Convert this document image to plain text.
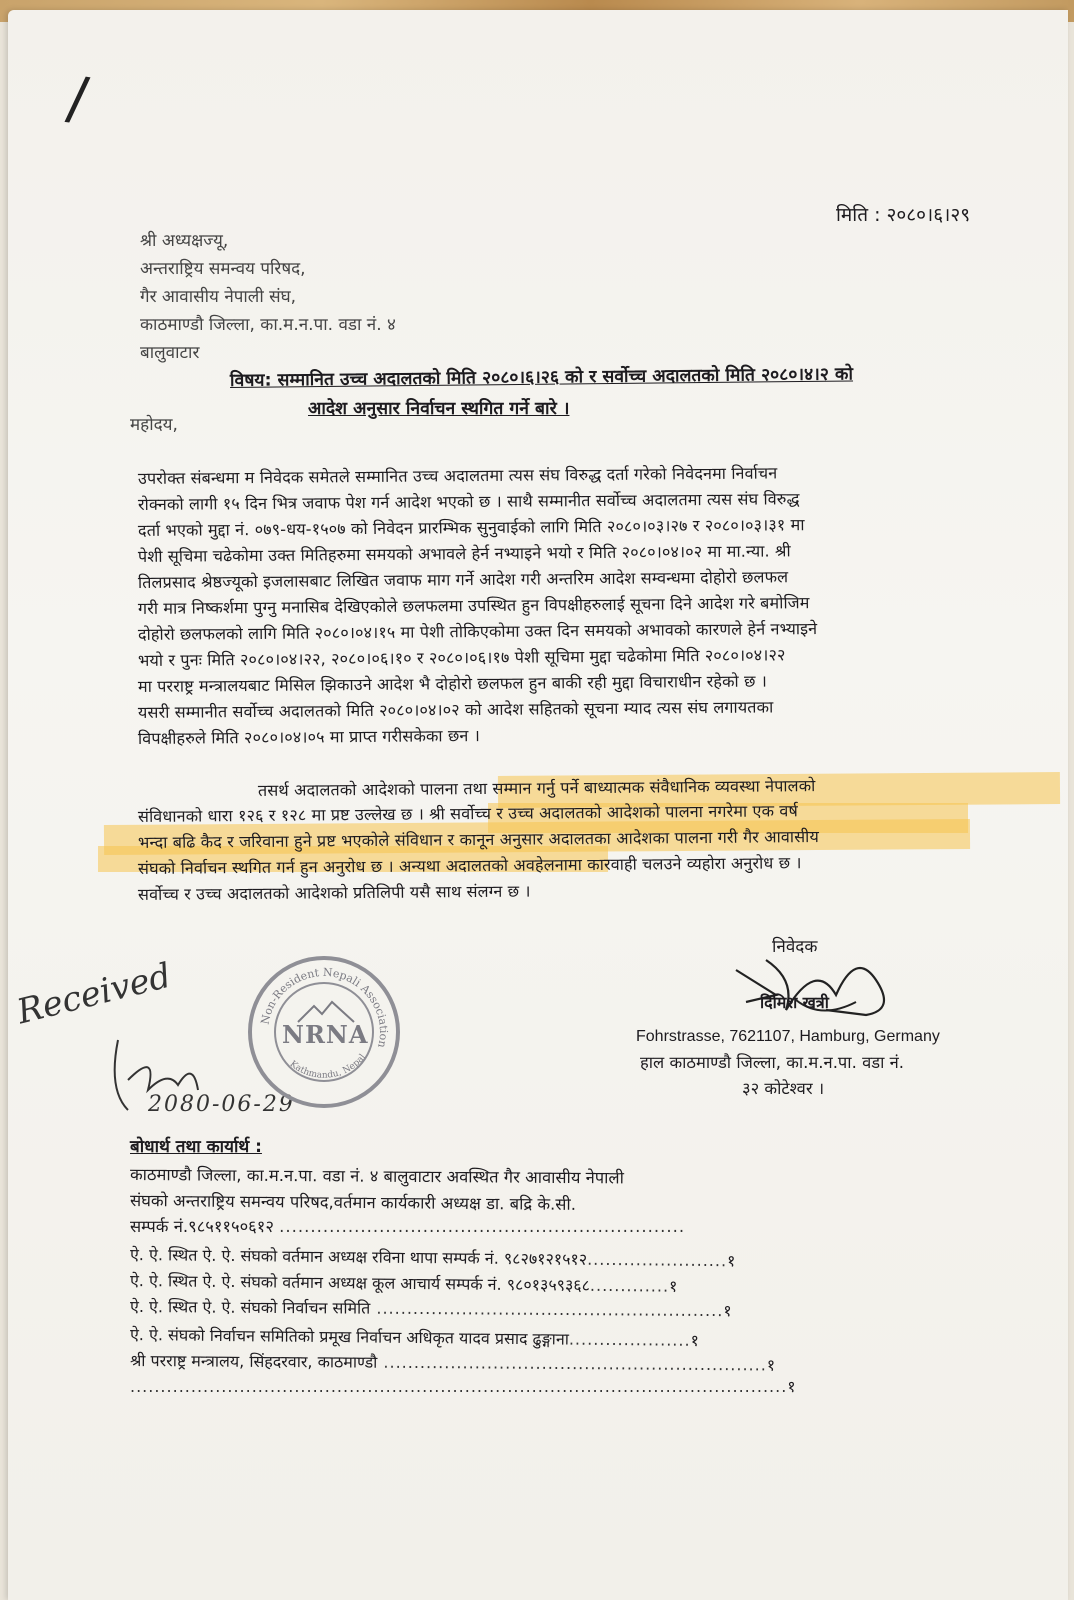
/
मिति : २०८०।६।२९
श्री अध्यक्षज्यू,
अन्तराष्ट्रिय समन्वय परिषद,
गैर आवासीय नेपाली संघ,
काठमाण्डौ जिल्ला, का.म.न.पा. वडा नं. ४
बालुवाटार
विषय: सम्मानित उच्च अदालतको मिति २०८०।६।२६ को र सर्वोच्च अदालतको मिति २०८०।४।२ को
आदेश अनुसार निर्वाचन स्थगित गर्ने बारे ।
महोदय,
उपरोक्त संबन्धमा म निवेदक समेतले सम्मानित उच्च अदालतमा त्यस संघ विरुद्ध दर्ता गरेको निवेदनमा निर्वाचन
रोक्नको लागी १५ दिन भित्र जवाफ पेश गर्न आदेश भएको छ । साथै सम्मानीत सर्वोच्च अदालतमा त्यस संघ विरुद्ध
दर्ता भएको मुद्दा नं. ०७९-धय-१५०७ को निवेदन प्रारम्भिक सुनुवाईको लागि मिति २०८०।०३।२७ र २०८०।०३।३१ मा
पेशी सूचिमा चढेकोमा उक्त मितिहरुमा समयको अभावले हेर्न नभ्याइने भयो र मिति २०८०।०४।०२ मा मा.न्या. श्री
तिलप्रसाद श्रेष्ठज्यूको इजलासबाट लिखित जवाफ माग गर्ने आदेश गरी अन्तरिम आदेश सम्वन्धमा दोहोरो छलफल
गरी मात्र निष्कर्शमा पुग्नु मनासिब देखिएकोले छलफलमा उपस्थित हुन विपक्षीहरुलाई सूचना दिने आदेश गरे बमोजिम
दोहोरो छलफलको लागि मिति २०८०।०४।१५ मा पेशी तोकिएकोमा उक्त दिन समयको अभावको कारणले हेर्न नभ्याइने
भयो र पुनः मिति २०८०।०४।२२, २०८०।०६।१० र २०८०।०६।१७ पेशी सूचिमा मुद्दा चढेकोमा मिति २०८०।०४।२२
मा परराष्ट्र मन्त्रालयबाट मिसिल झिकाउने आदेश भै दोहोरो छलफल हुन बाकी रही मुद्दा विचाराधीन रहेको छ ।
यसरी सम्मानीत सर्वोच्च अदालतको मिति २०८०।०४।०२ को आदेश सहितको सूचना म्याद त्यस संघ लगायतका
विपक्षीहरुले मिति २०८०।०४।०५ मा प्राप्त गरीसकेका छन ।
तसर्थ अदालतको आदेशको पालना तथा सम्मान गर्नु पर्ने बाध्यात्मक संवैधानिक व्यवस्था नेपालको
संविधानको धारा १२६ र १२८ मा प्रष्ट उल्लेख छ । श्री सर्वोच्च र उच्च अदालतको आदेशको पालना नगरेमा एक वर्ष
भन्दा बढि कैद र जरिवाना हुने प्रष्ट भएकोले संविधान र कानून अनुसार अदालतका आदेशका पालना गरी गैर आवासीय
संघको निर्वाचन स्थगित गर्न हुन अनुरोध छ । अन्यथा अदालतको अवहेलनामा कारवाही चलउने व्यहोरा अनुरोध छ ।
सर्वोच्च र उच्च अदालतको आदेशको प्रतिलिपी यसै साथ संलग्न छ ।
निवेदक
दिमिश खत्री
Fohrstrasse, 7621107, Hamburg, Germany
हाल काठमाण्डौ जिल्ला, का.म.न.पा. वडा नं.
३२ कोटेश्वर ।
Received
2080-06-29
Non-Resident Nepali Association
Kathmandu, Nepal
NRNA
बोधार्थ तथा कार्यार्थ :
काठमाण्डौ जिल्ला, का.म.न.पा. वडा नं. ४ बालुवाटार अवस्थित गैर आवासीय नेपाली
संघको अन्तराष्ट्रिय समन्वय परिषद,वर्तमान कार्यकारी अध्यक्ष डा. बद्रि के.सी.
सम्पर्क नं.९८५११५०६१२ .................................................................
ऐ. ऐ. स्थित ऐ. ऐ. संघको वर्तमान अध्यक्ष रविना थापा सम्पर्क नं. ९८२७१२१५१२.......................१
ऐ. ऐ. स्थित ऐ. ऐ. संघको वर्तमान अध्यक्ष कूल आचार्य सम्पर्क नं. ९८०१३५९३६८.............१
ऐ. ऐ. स्थित ऐ. ऐ. संघको निर्वाचन समिति .........................................................१
ऐ. ऐ. संघको निर्वाचन समितिको प्रमूख निर्वाचन अधिकृत यादव प्रसाद ढुङ्गाना....................१
श्री परराष्ट्र मन्त्रालय, सिंहदरवार, काठमाण्डौ ...............................................................१
............................................................................................................१
